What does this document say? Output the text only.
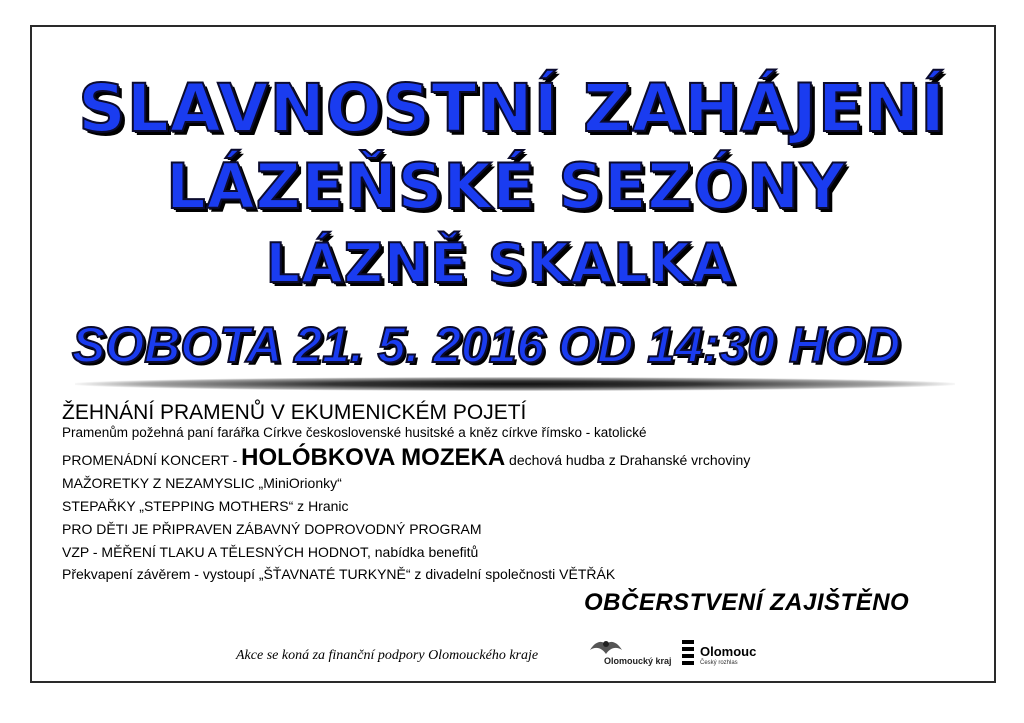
SLAVNOSTNÍ ZAHÁJENÍ
LÁZEŇSKÉ SEZÓNY
LÁZNĚ SKALKA
SOBOTA 21. 5. 2016 OD 14:30 HOD
ŽEHNÁNÍ PRAMENŮ V EKUMENICKÉM POJETÍ
Pramenům požehná paní farářka Církve československé husitské a kněz církve římsko - katolické
PROMENÁDNÍ KONCERT - HOLÓBKOVA MOZEKA dechová hudba z Drahanské vrchoviny
MAŽORETKY Z NEZAMYSLIC „MiniOrionky“
STEPAŘKY „STEPPING MOTHERS“ z Hranic
PRO DĚTI JE PŘIPRAVEN ZÁBAVNÝ DOPROVODNÝ PROGRAM
VZP - MĚŘENÍ TLAKU A TĚLESNÝCH HODNOT, nabídka benefitů
Překvapení závěrem - vystoupí „ŠŤAVNATÉ TURKYNĚ“ z divadelní společnosti VĚTŘÁK
OBČERSTVENÍ ZAJIŠTĚNO
Akce se koná za finanční podpory Olomouckého kraje	Olomoucký kraj
Olomouc
Český rozhlas
